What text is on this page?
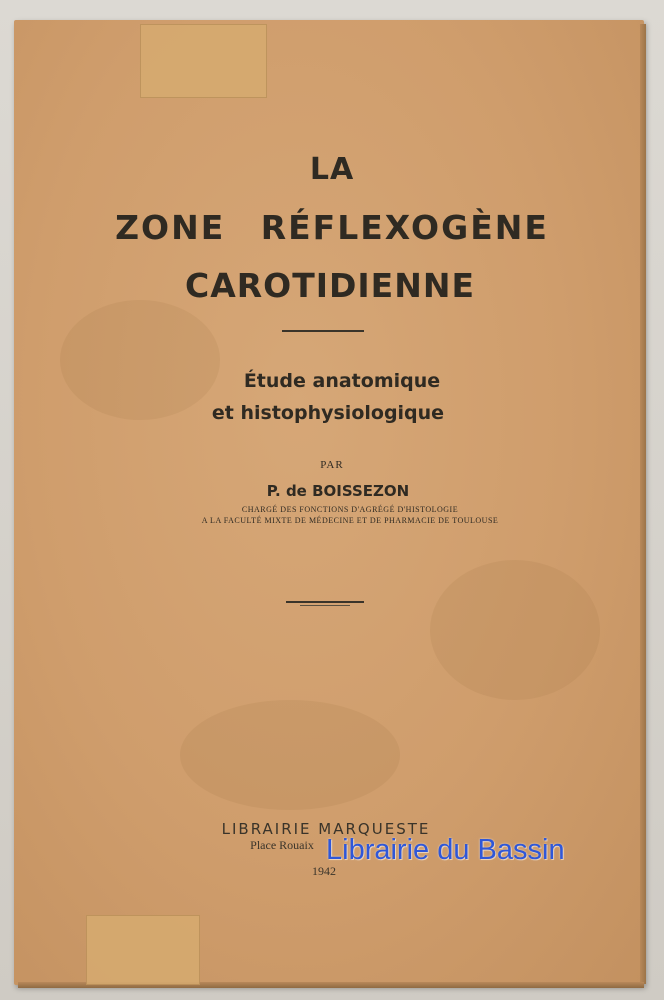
LA
ZONE RÉFLEXOGÈNE
CAROTIDIENNE
Étude anatomique
et histophysiologique
PAR
P. de BOISSEZON
CHARGÉ DES FONCTIONS D'AGRÉGÉ D'HISTOLOGIE
A LA FACULTÉ MIXTE DE MÉDECINE ET DE PHARMACIE DE TOULOUSE
LIBRAIRIE MARQUESTE
Place Rouaix
1942
Librairie du Bassin
